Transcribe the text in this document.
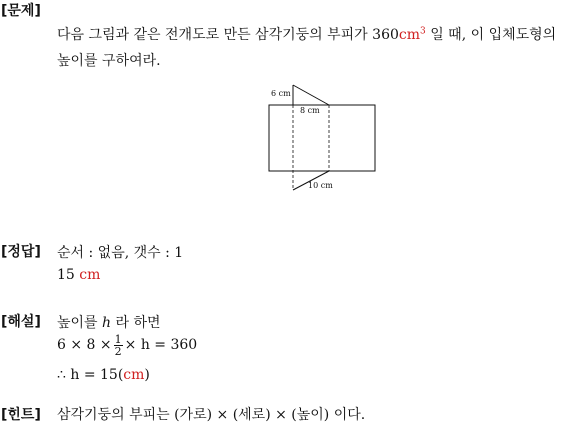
[문제]
다음 그림과 같은 전개도로 만든 삼각기둥의 부피가 $360cm^3$ 일 때, 이 입체도형의
높이를 구하여라.
6 cm
8 cm
10 cm
[정답] 순서 : 없음, 갯수 : 1
15 cm
[해설] 높이를 h 라 하면
$6 \times 8 \times \frac{1}{2} \times h = 360$
∴ h = 15(cm)
[힌트] 삼각기둥의 부피는 (가로) × (세로) × (높이) 이다.
